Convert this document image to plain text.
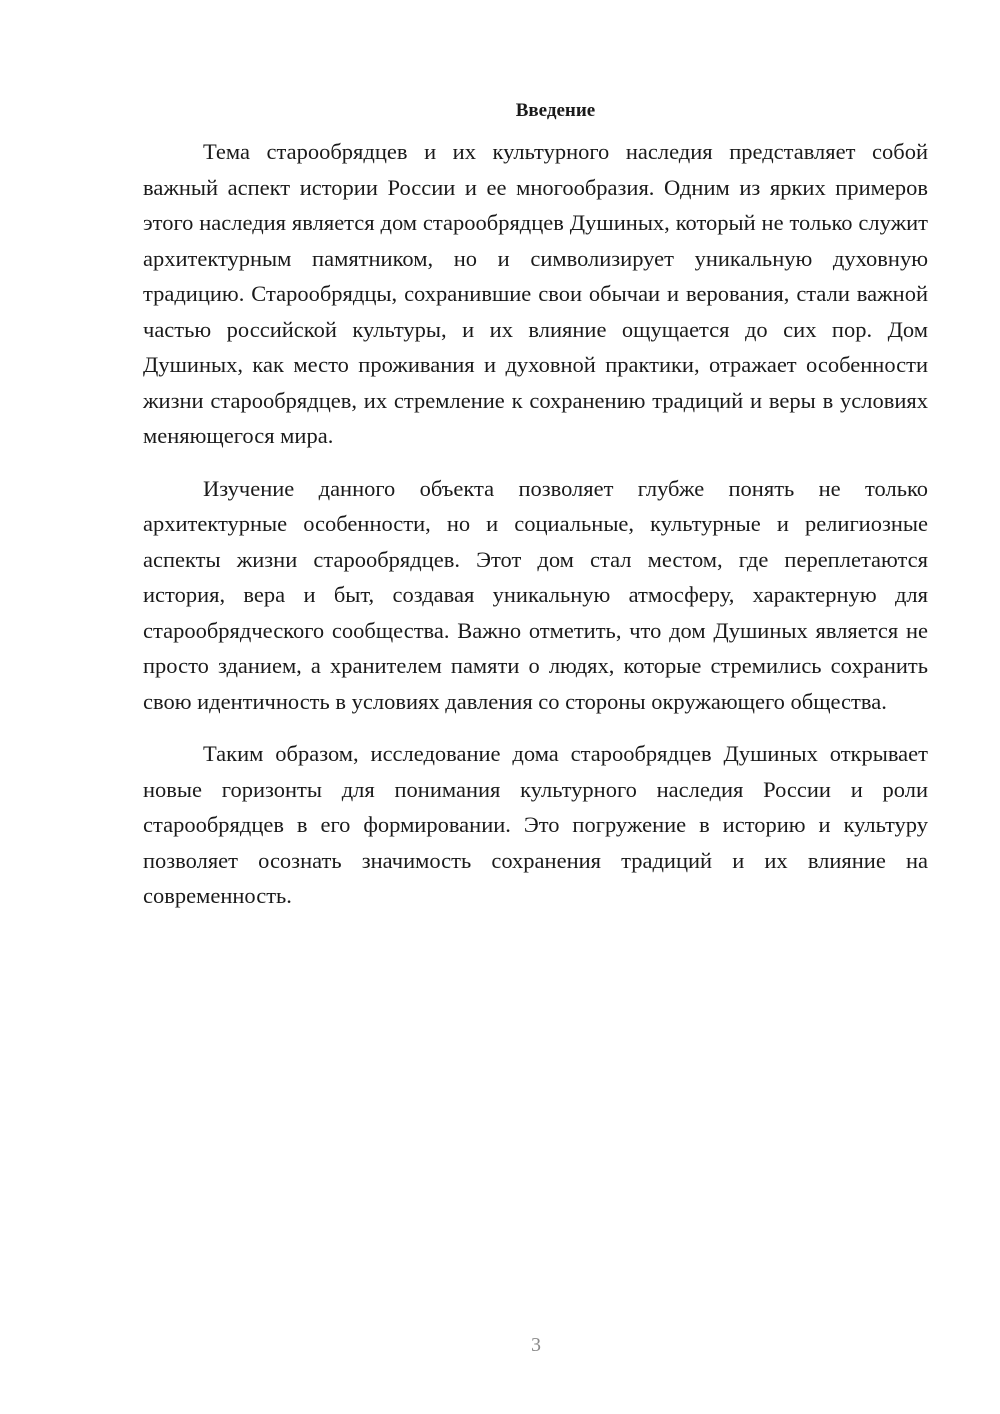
Введение

Тема старообрядцев и их культурного наследия представляет собой важный аспект истории России и ее многообразия. Одним из ярких примеров этого наследия является дом старообрядцев Душиных, который не только служит архитектурным памятником, но и символизирует уникальную духовную традицию. Старообрядцы, сохранившие свои обычаи и верования, стали важной частью российской культуры, и их влияние ощущается до сих пор. Дом Душиных, как место проживания и духовной практики, отражает особенности жизни старообрядцев, их стремление к сохранению традиций и веры в условиях меняющегося мира.

Изучение данного объекта позволяет глубже понять не только архитектурные особенности, но и социальные, культурные и религиозные аспекты жизни старообрядцев. Этот дом стал местом, где переплетаются история, вера и быт, создавая уникальную атмосферу, характерную для старообрядческого сообщества. Важно отметить, что дом Душиных является не просто зданием, а хранителем памяти о людях, которые стремились сохранить свою идентичность в условиях давления со стороны окружающего общества.

Таким образом, исследование дома старообрядцев Душиных открывает новые горизонты для понимания культурного наследия России и роли старообрядцев в его формировании. Это погружение в историю и культуру позволяет осознать значимость сохранения традиций и их влияние на современность.

3
